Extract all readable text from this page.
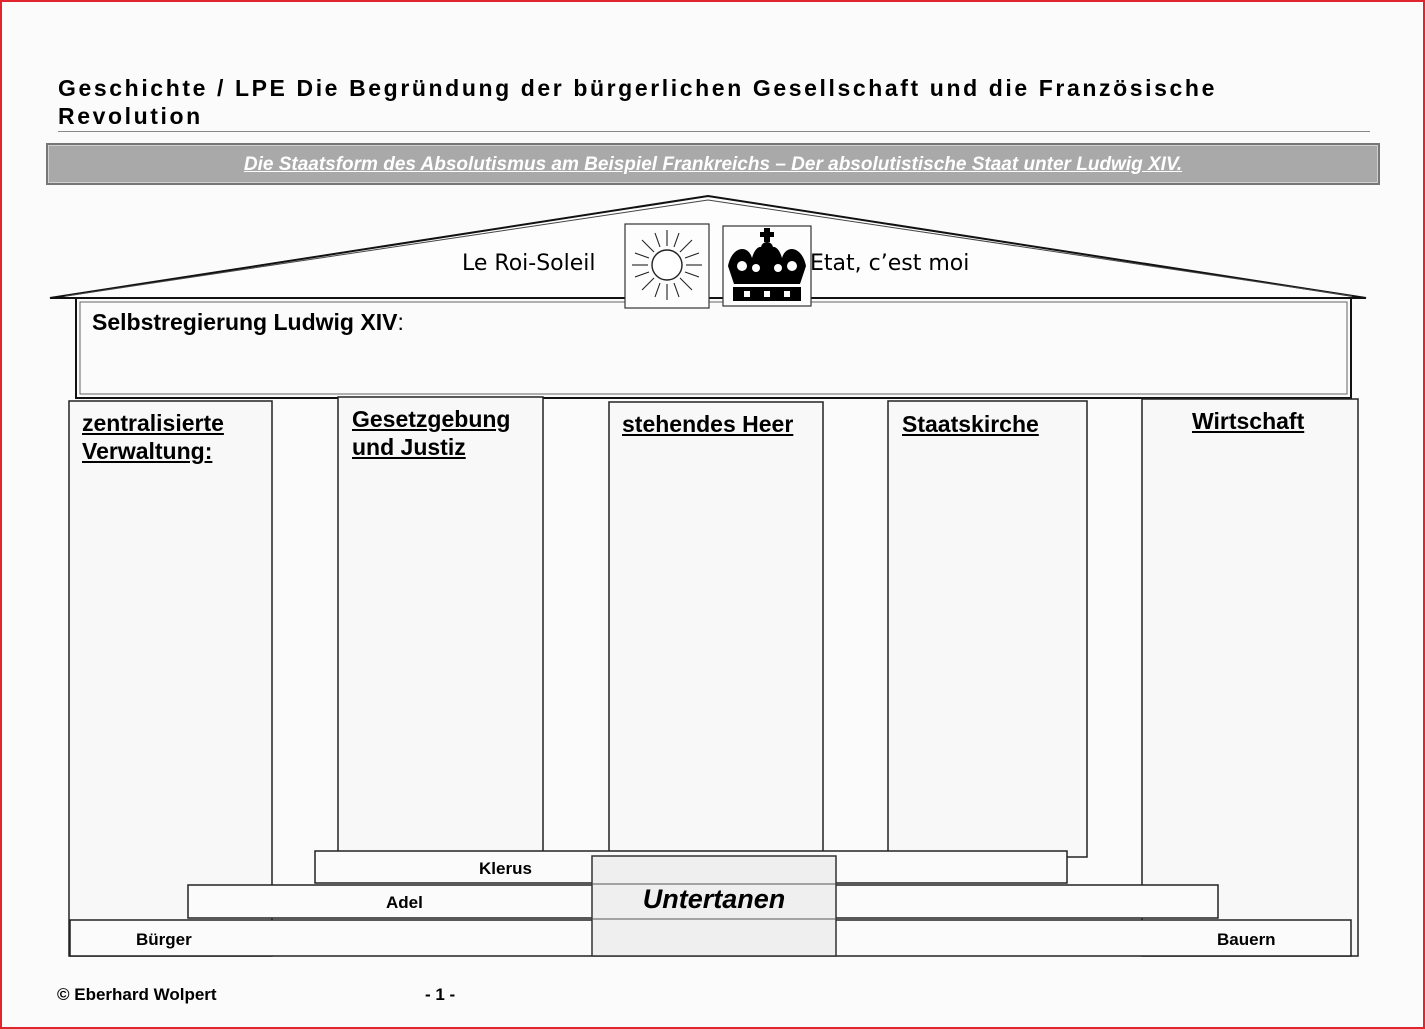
Geschichte / LPE Die Begründung der bürgerlichen Gesellschaft und die Französische Revolution
Die Staatsform des Absolutismus am Beispiel Frankreichs – Der absolutistische Staat unter Ludwig XIV.
Le Roi-Soleil	Etat, c’est moi
Selbstregierung Ludwig XIV:
zentralisierte
Verwaltung:
Gesetzgebung
und Justiz
stehendes Heer	Staatskirche	Wirtschaft
Klerus
Adel
Bürger	Bauern
Untertanen
© Eberhard Wolpert	- 1 -
